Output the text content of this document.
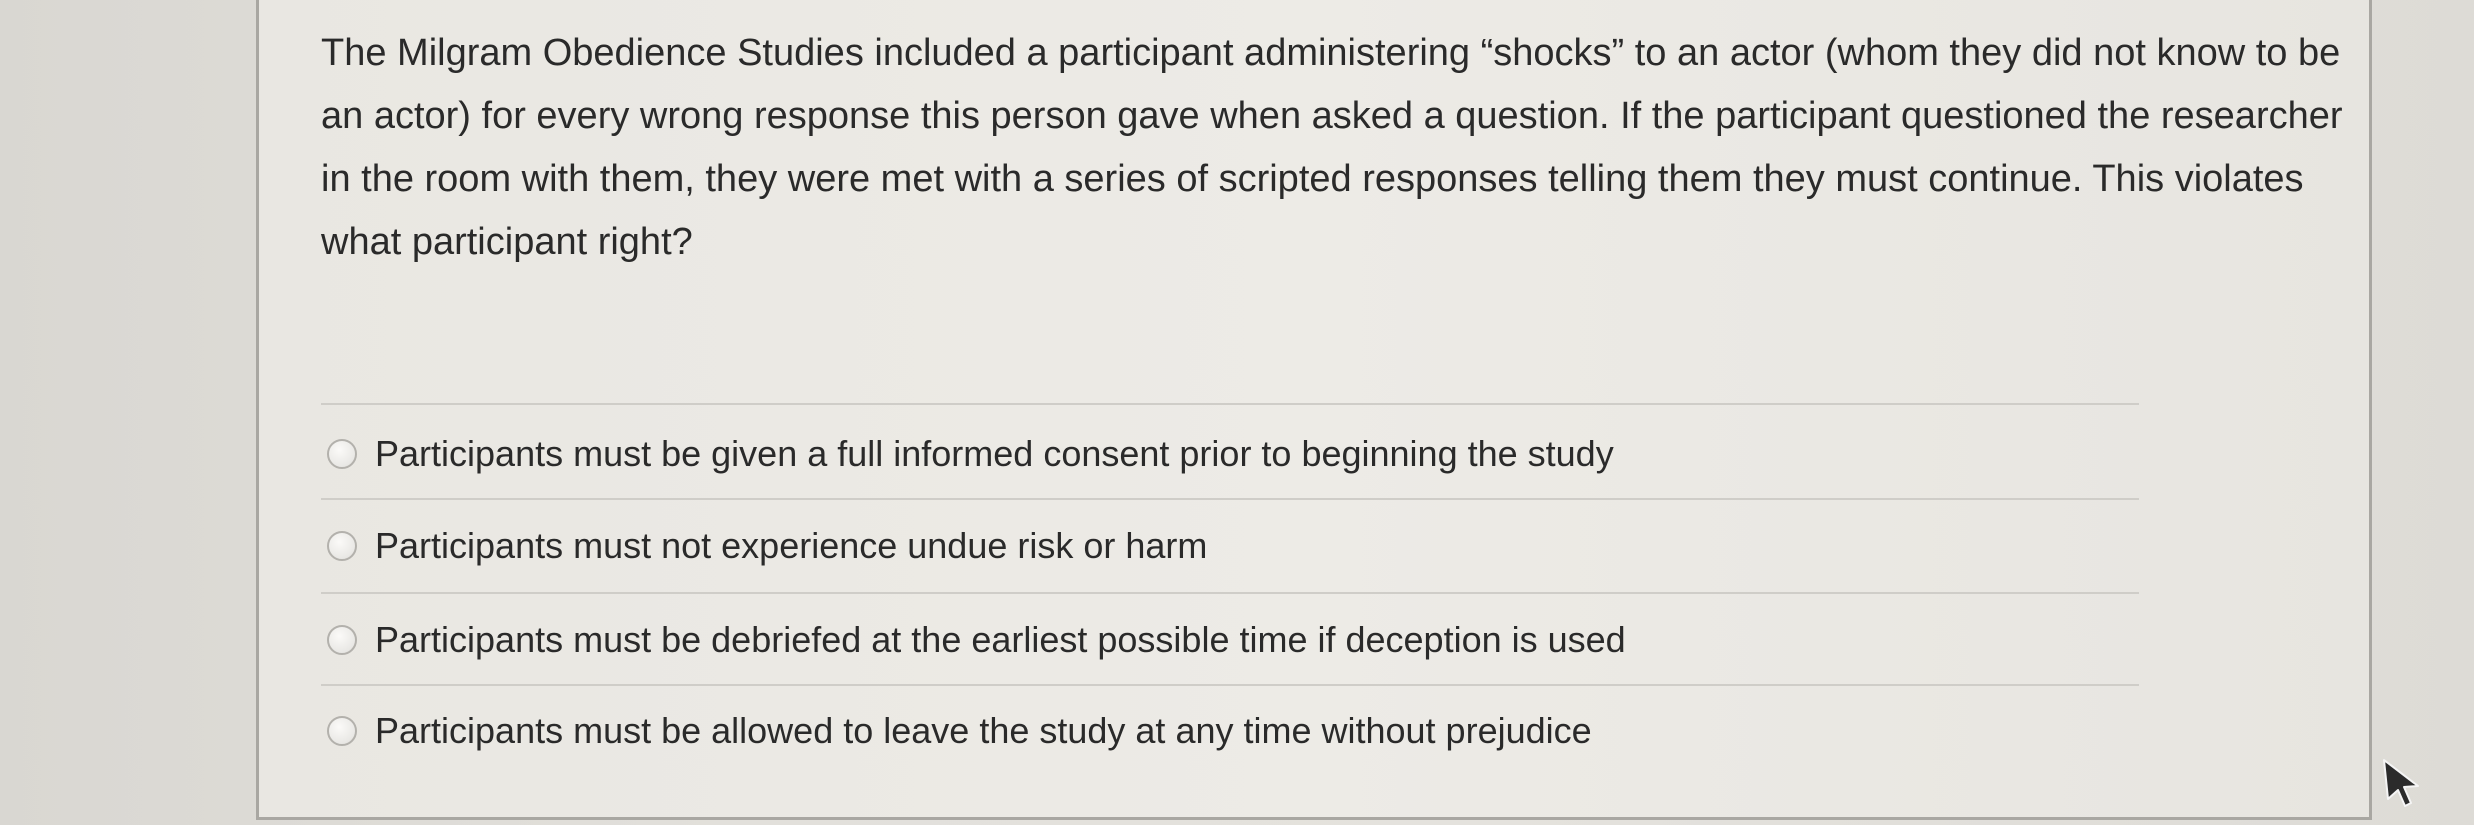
The Milgram Obedience Studies included a participant administering “shocks” to an actor (whom they did not know to be an actor) for every wrong response this person gave when asked a question. If the participant questioned the researcher in the room with them, they were met with a series of scripted responses telling them they must continue. This violates what participant right?

Participants must be given a full informed consent prior to beginning the study
Participants must not experience undue risk or harm
Participants must be debriefed at the earliest possible time if deception is used
Participants must be allowed to leave the study at any time without prejudice
